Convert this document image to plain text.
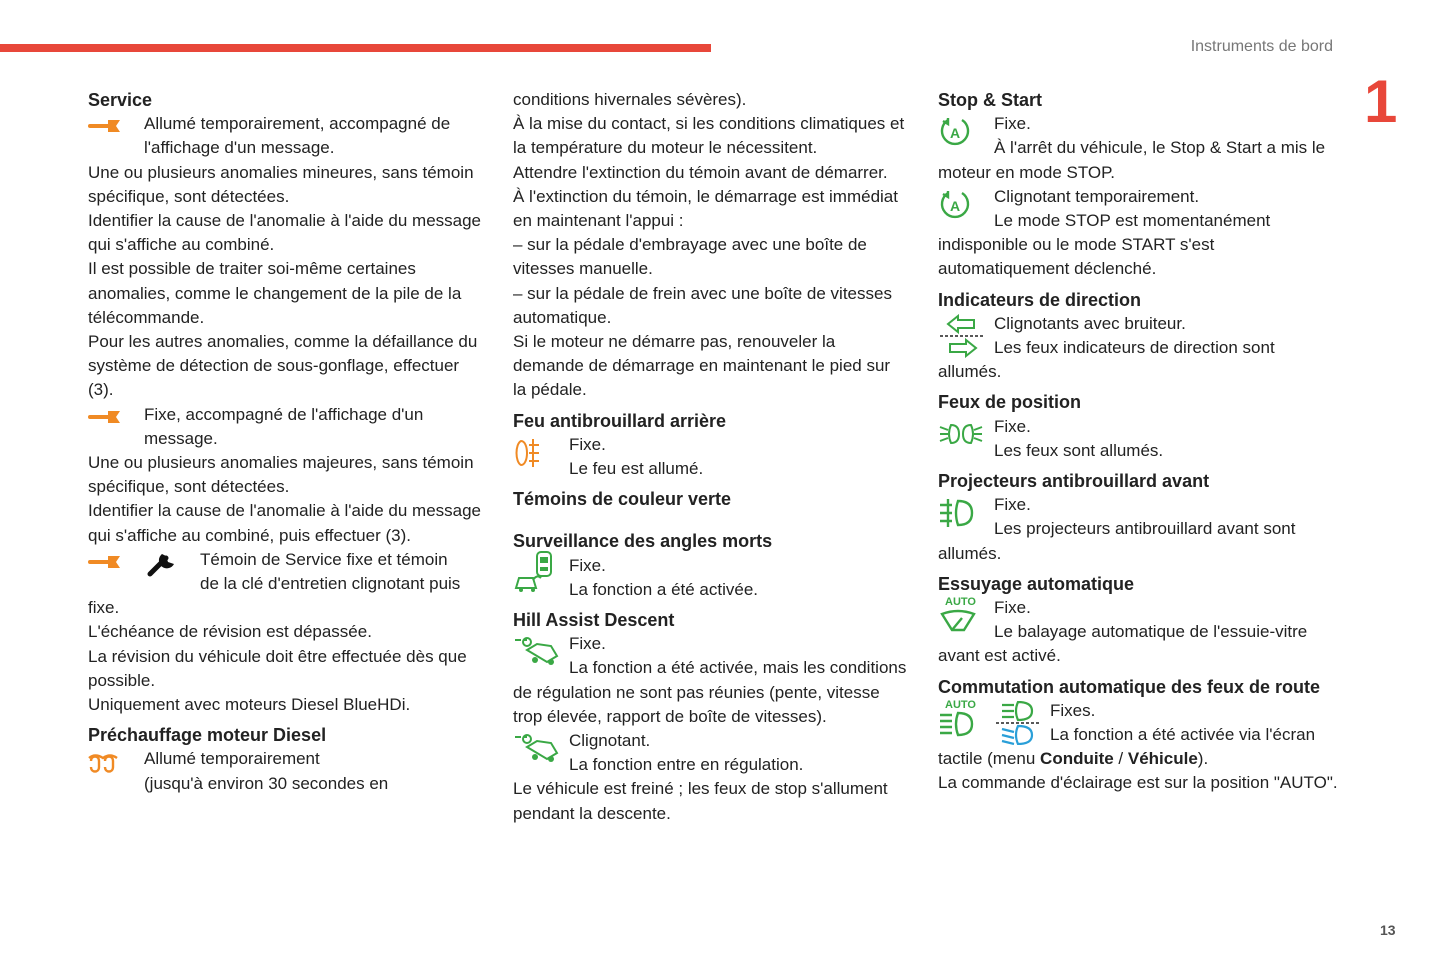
Instruments de bord
1
13
Service
Allumé temporairement, accompagné de
l'affichage d'un message.

Une ou plusieurs anomalies mineures, sans témoin spécifique, sont détectées.

Identifier la cause de l'anomalie à l'aide du message qui s'affiche au combiné.

Il est possible de traiter soi-même certaines anomalies, comme le changement de la pile de la télécommande.

Pour les autres anomalies, comme la défaillance du système de détection de sous-gonflage, effectuer (3).

Fixe, accompagné de l'affichage d'un
message.

Une ou plusieurs anomalies majeures, sans témoin spécifique, sont détectées.

Identifier la cause de l'anomalie à l'aide du message qui s'affiche au combiné, puis effectuer (3).

Témoin de Service fixe et témoin
de la clé d'entretien clignotant puis

fixe.

L'échéance de révision est dépassée.

La révision du véhicule doit être effectuée dès que possible.

Uniquement avec moteurs Diesel BlueHDi.

Préchauffage moteur Diesel
Allumé temporairement
(jusqu'à environ 30 secondes en

conditions hivernales sévères).

À la mise du contact, si les conditions climatiques et la température du moteur le nécessitent.

Attendre l'extinction du témoin avant de démarrer.

À l'extinction du témoin, le démarrage est immédiat en maintenant l'appui :

– sur la pédale d'embrayage avec une boîte de vitesses manuelle.

– sur la pédale de frein avec une boîte de vitesses automatique.

Si le moteur ne démarre pas, renouveler la demande de démarrage en maintenant le pied sur la pédale.

Feu antibrouillard arrière
Fixe.
Le feu est allumé.
Témoins de couleur verte
Surveillance des angles morts
Fixe.
La fonction a été activée.
Hill Assist Descent
Fixe.
La fonction a été activée, mais les conditions de régulation ne sont pas réunies (pente, vitesse trop élevée, rapport de boîte de vitesses).
Clignotant.
La fonction entre en régulation.

Le véhicule est freiné ; les feux de stop s'allument pendant la descente.

Stop & Start
A	Fixe.
À l'arrêt du véhicule, le Stop & Start a mis le moteur en mode STOP.
A	Clignotant temporairement.
Le mode STOP est momentanément indisponible ou le mode START s'est automatiquement déclenché.
Indicateurs de direction
Clignotants avec bruiteur.
Les feux indicateurs de direction sont allumés.
Feux de position
Fixe.
Les feux sont allumés.
Projecteurs antibrouillard avant
Fixe.
Les projecteurs antibrouillard avant sont allumés.
Essuyage automatique
AUTO	Fixe.
Le balayage automatique de l'essuie-vitre avant est activé.
Commutation automatique des feux de route
AUTO	Fixes.
La fonction a été activée via l'écran tactile (menu Conduite / Véhicule).

La commande d'éclairage est sur la position "AUTO".
